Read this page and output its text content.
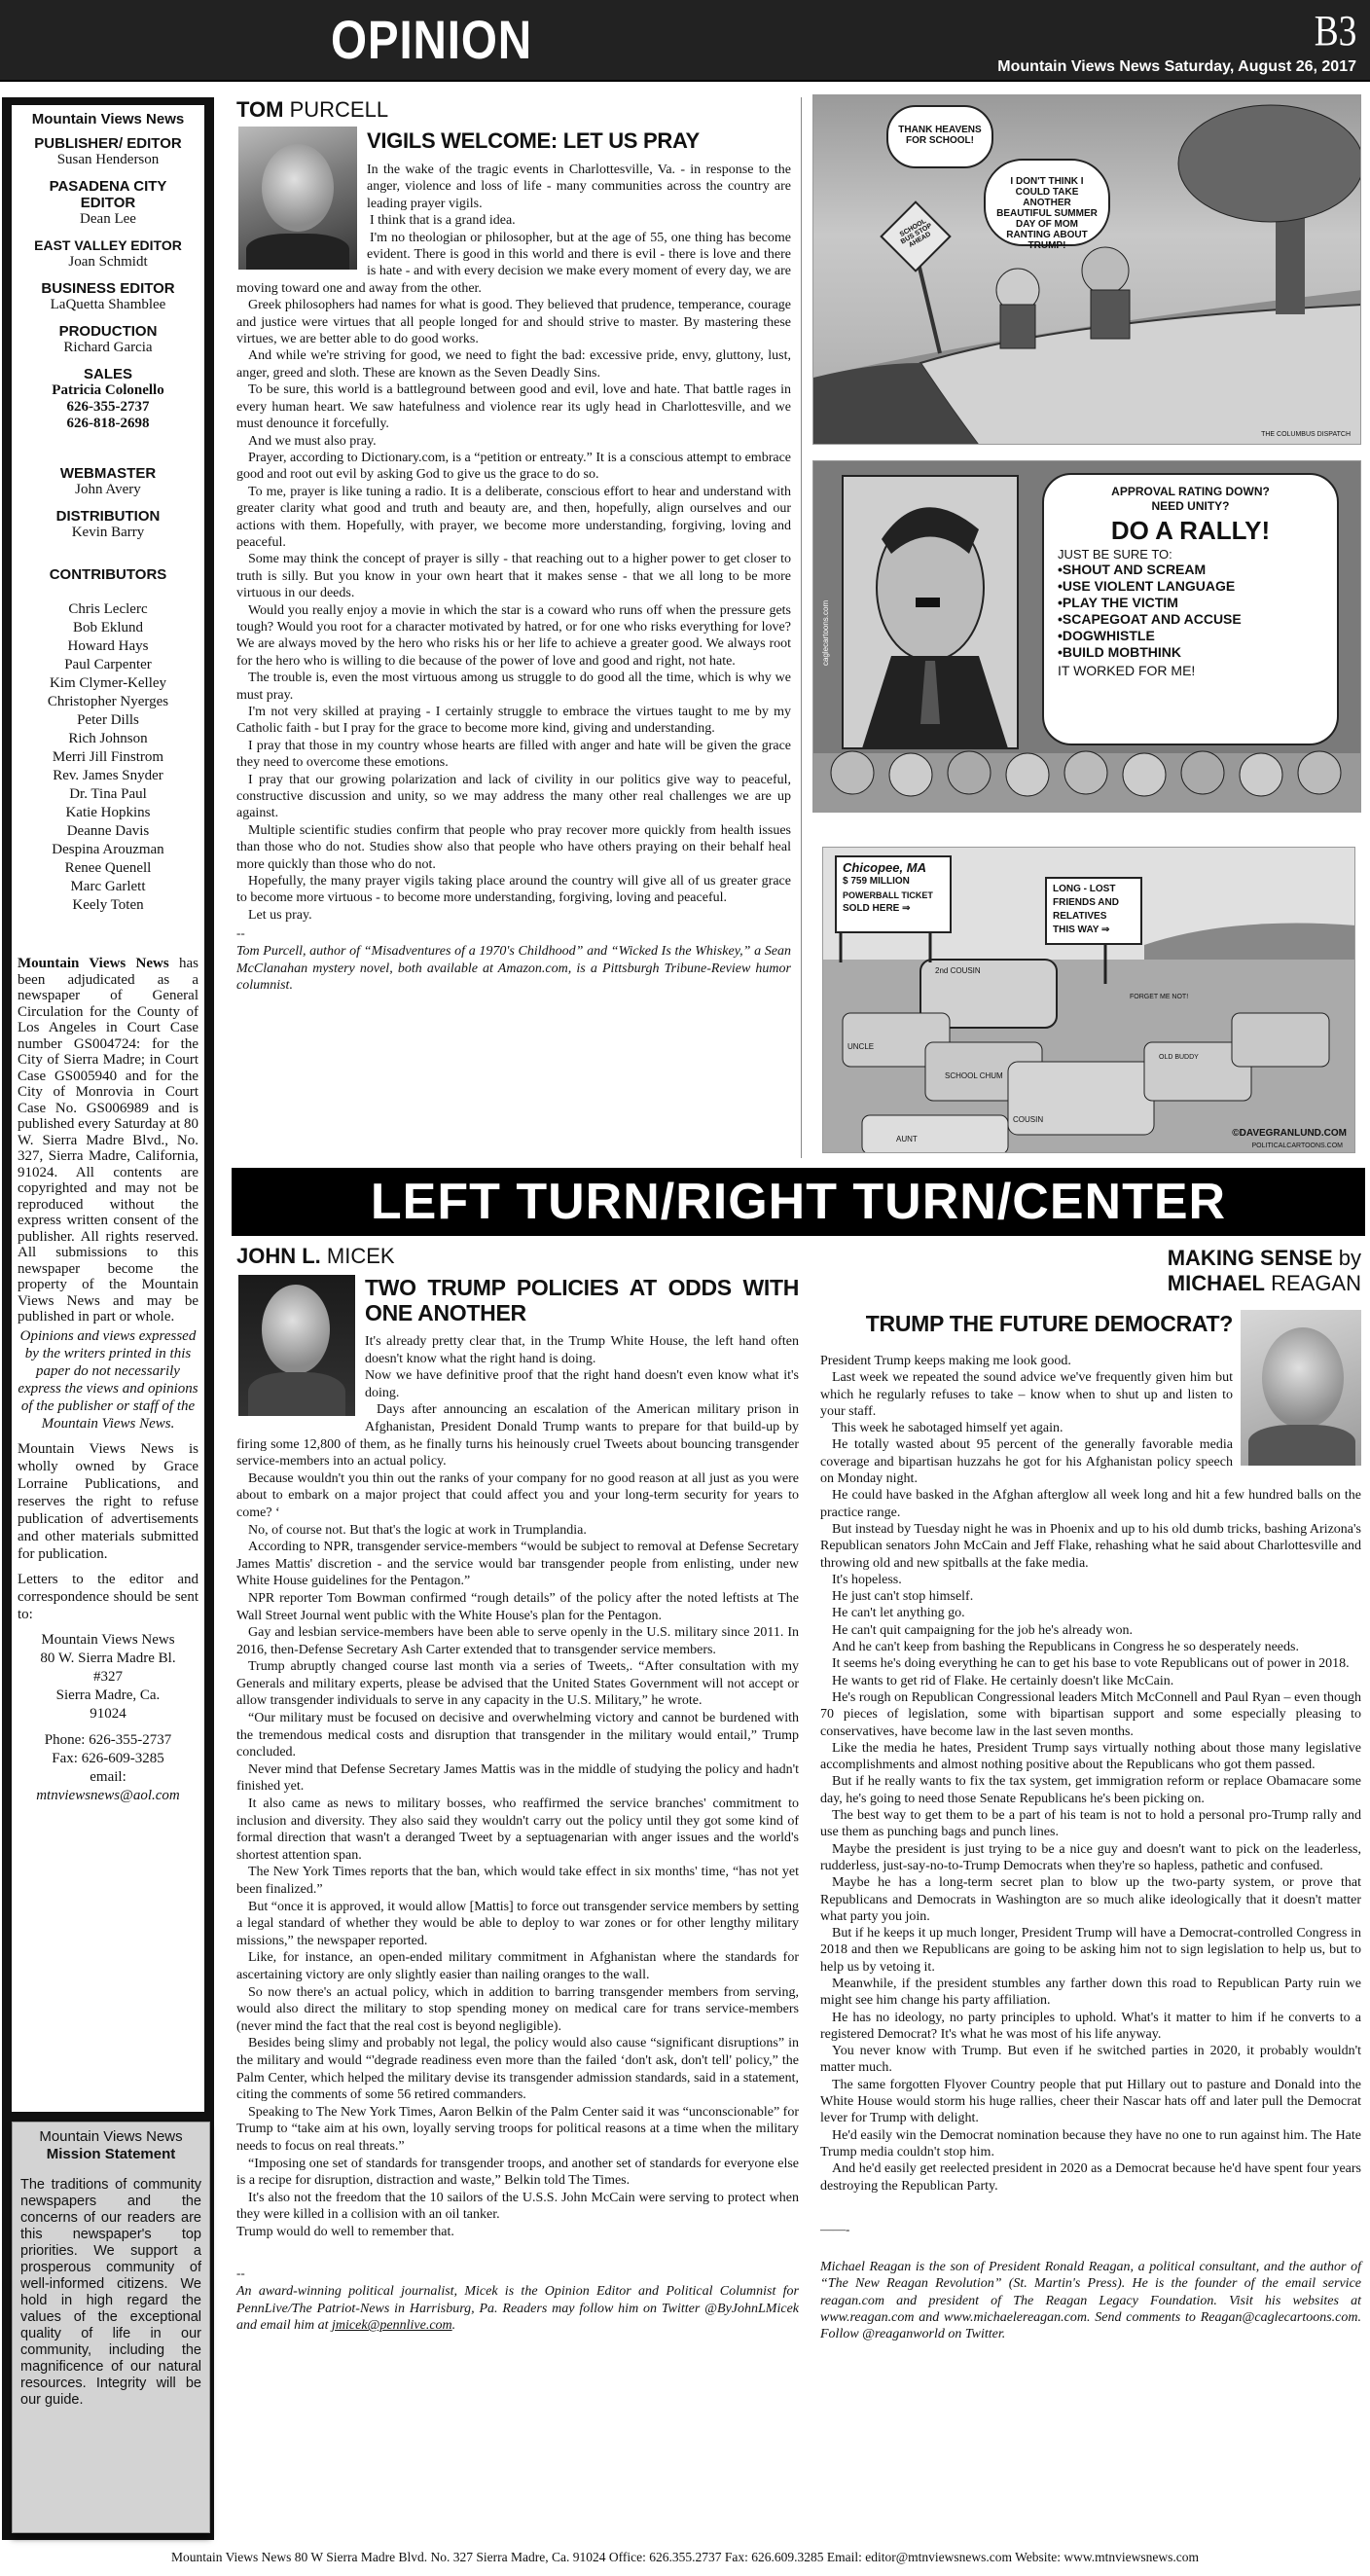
OPINION	B3
Mountain Views News Saturday, August 26, 2017
Mountain Views News
PUBLISHER/ EDITOR
Susan Henderson
PASADENA CITY EDITOR
Dean Lee
EAST VALLEY EDITOR
Joan Schmidt
BUSINESS EDITOR
LaQuetta Shamblee
PRODUCTION
Richard Garcia
SALES
Patricia Colonello
626-355-2737
626-818-2698
WEBMASTER
John Avery
DISTRIBUTION
Kevin Barry
CONTRIBUTORS
Chris Leclerc
Bob Eklund
Howard Hays
Paul Carpenter
Kim Clymer-Kelley
Christopher Nyerges
Peter Dills
Rich Johnson
Merri Jill Finstrom
Rev. James Snyder
Dr. Tina Paul
Katie Hopkins
Deanne Davis
Despina Arouzman
Renee Quenell
Marc Garlett
Keely Toten
Mountain Views News has been adjudicated as a newspaper of General Circulation for the County of Los Angeles in Court Case number GS004724: for the City of Sierra Madre; in Court Case GS005940 and for the City of Monrovia in Court Case No. GS006989 and is published every Saturday at 80 W. Sierra Madre Blvd., No. 327, Sierra Madre, California, 91024. All contents are copyrighted and may not be reproduced without the express written consent of the publisher. All rights reserved. All submissions to this newspaper become the property of the Mountain Views News and may be published in part or whole.
Opinions and views expressed by the writers printed in this paper do not necessarily express the views and opinions of the publisher or staff of the Mountain Views News.
Mountain Views News is wholly owned by Grace Lorraine Publications, and reserves the right to refuse publication of advertisements and other materials submitted for publication.
Letters to the editor and correspondence should be sent to:
Mountain Views News
80 W. Sierra Madre Bl.
#327
Sierra Madre, Ca.
91024
Phone: 626-355-2737
Fax: 626-609-3285
email:
mtnviewsnews@aol.com
Mountain Views News
Mission Statement
The traditions of community newspapers and the concerns of our readers are this newspaper's top priorities. We support a prosperous community of well-informed citizens. We hold in high regard the values of the exceptional quality of life in our community, including the magnificence of our natural resources. Integrity will be our guide.
TOM PURCELL
VIGILS WELCOME: LET US PRAY

In the wake of the tragic events in Charlottesville, Va. - in response to the anger, violence and loss of life - many communities across the country are leading prayer vigils.

I think that is a grand idea.

I'm no theologian or philosopher, but at the age of 55, one thing has become evident. There is good in this world and there is evil - there is love and there is hate - and with every decision we make every moment of every day, we are moving toward one and away from the other.

Greek philosophers had names for what is good. They believed that prudence, temperance, courage and justice were virtues that all people longed for and should strive to master. By mastering these virtues, we are better able to do good works.

And while we're striving for good, we need to fight the bad: excessive pride, envy, gluttony, lust, anger, greed and sloth. These are known as the Seven Deadly Sins.

To be sure, this world is a battleground between good and evil, love and hate. That battle rages in every human heart. We saw hatefulness and violence rear its ugly head in Charlottesville, and we must denounce it forcefully.

And we must also pray.

Prayer, according to Dictionary.com, is a “petition or entreaty.” It is a conscious attempt to embrace good and root out evil by asking God to give us the grace to do so.

To me, prayer is like tuning a radio. It is a deliberate, conscious effort to hear and understand with greater clarity what good and truth and beauty are, and then, hopefully, align ourselves and our actions with them. Hopefully, with prayer, we become more understanding, forgiving, loving and peaceful.

Some may think the concept of prayer is silly - that reaching out to a higher power to get closer to truth is silly. But you know in your own heart that it makes sense - that we all long to be more virtuous in our deeds.

Would you really enjoy a movie in which the star is a coward who runs off when the pressure gets tough? Would you root for a character motivated by hatred, or for one who risks everything for love? We are always moved by the hero who risks his or her life to achieve a greater good. We always root for the hero who is willing to die because of the power of love and good and right, not hate.

The trouble is, even the most virtuous among us struggle to do good all the time, which is why we must pray.

I'm not very skilled at praying - I certainly struggle to embrace the virtues taught to me by my Catholic faith - but I pray for the grace to become more kind, giving and understanding.

I pray that those in my country whose hearts are filled with anger and hate will be given the grace they need to overcome these emotions.

I pray that our growing polarization and lack of civility in our politics give way to peaceful, constructive discussion and unity, so we may address the many other real challenges we are up against.

Multiple scientific studies confirm that people who pray recover more quickly from health issues than those who do not. Studies show also that people who have others praying on their behalf heal more quickly than those who do not.

Hopefully, the many prayer vigils taking place around the country will give all of us greater grace to become more virtuous - to become more understanding, forgiving, loving and peaceful.

Let us pray.

--
Tom Purcell, author of “Misadventures of a 1970's Childhood” and “Wicked Is the Whiskey,” a Sean McClanahan mystery novel, both available at Amazon.com, is a Pittsburgh Tribune-Review humor columnist.
THANK HEAVENS FOR SCHOOL!
I DON'T THINK I COULD TAKE ANOTHER BEAUTIFUL SUMMER DAY OF MOM RANTING ABOUT TRUMP!
SCHOOL BUS STOP AHEAD
THE COLUMBUS DISPATCH
APPROVAL RATING DOWN?
NEED UNITY?
DO A RALLY!
JUST BE SURE TO:
•SHOUT AND SCREAM
•USE VIOLENT LANGUAGE
•PLAY THE VICTIM
•SCAPEGOAT AND ACCUSE
•DOGWHISTLE
•BUILD MOBTHINK
IT WORKED FOR ME!
caglecartoons.com
© WOLVERTON
Chicopee, MA
$ 759 MILLION
POWERBALL TICKET
SOLD HERE ⇒
LONG - LOST
FRIENDS AND
RELATIVES
THIS WAY ⇒
2nd COUSIN
UNCLE
SCHOOL CHUM
FORGET ME NOT!
OLD BUDDY
COUSIN
AUNT
©DAVEGRANLUND.COM
POLITICALCARTOONS.COM
LEFT TURN/RIGHT TURN/CENTER
JOHN L. MICEK
TWO TRUMP POLICIES AT ODDS WITH ONE ANOTHER

It's already pretty clear that, in the Trump White House, the left hand often doesn't know what the right hand is doing.

Now we have definitive proof that the right hand doesn't even know what it's doing.

Days after announcing an escalation of the American military prison in Afghanistan, President Donald Trump wants to prepare for that build-up by firing some 12,800 of them, as he finally turns his heinously cruel Tweets about bouncing transgender service-members into an actual policy.

Because wouldn't you thin out the ranks of your company for no good reason at all just as you were about to embark on a major project that could affect you and your long-term security for years to come? ‘

No, of course not. But that's the logic at work in Trumplandia.

According to NPR, transgender service-members “would be subject to removal at Defense Secretary James Mattis' discretion - and the service would bar transgender people from enlisting, under new White House guidelines for the Pentagon.”

NPR reporter Tom Bowman confirmed “rough details” of the policy after the noted leftists at The Wall Street Journal went public with the White House's plan for the Pentagon.

Gay and lesbian service-members have been able to serve openly in the U.S. military since 2011. In 2016, then-Defense Secretary Ash Carter extended that to transgender service members.

Trump abruptly changed course last month via a series of Tweets,. “After consultation with my Generals and military experts, please be advised that the United States Government will not accept or allow transgender individuals to serve in any capacity in the U.S. Military,” he wrote.

“Our military must be focused on decisive and overwhelming victory and cannot be burdened with the tremendous medical costs and disruption that transgender in the military would entail,” Trump concluded.

Never mind that Defense Secretary James Mattis was in the middle of studying the policy and hadn't finished yet.

It also came as news to military bosses, who reaffirmed the service branches' commitment to inclusion and diversity. They also said they wouldn't carry out the policy until they got some kind of formal direction that wasn't a deranged Tweet by a septuagenarian with anger issues and the world's shortest attention span.

The New York Times reports that the ban, which would take effect in six months' time, “has not yet been finalized.”

But “once it is approved, it would allow [Mattis] to force out transgender service members by setting a legal standard of whether they would be able to deploy to war zones or for other lengthy military missions,” the newspaper reported.

Like, for instance, an open-ended military commitment in Afghanistan where the standards for ascertaining victory are only slightly easier than nailing oranges to the wall.

So now there's an actual policy, which in addition to barring transgender members from serving, would also direct the military to stop spending money on medical care for trans service-members (never mind the fact that the real cost is beyond negligible).

Besides being slimy and probably not legal, the policy would also cause “significant disruptions” in the military and would “'degrade readiness even more than the failed ‘don't ask, don't tell' policy,” the Palm Center, which helped the military devise its transgender admission standards, said in a statement, citing the comments of some 56 retired commanders.

Speaking to The New York Times, Aaron Belkin of the Palm Center said it was “unconscionable” for Trump to “take aim at his own, loyally serving troops for political reasons at a time when the military needs to focus on real threats.”

“Imposing one set of standards for transgender troops, and another set of standards for everyone else is a recipe for disruption, distraction and waste,” Belkin told The Times.

It's also not the freedom that the 10 sailors of the U.S.S. John McCain were serving to protect when they were killed in a collision with an oil tanker.

Trump would do well to remember that.

--
An award-winning political journalist, Micek is the Opinion Editor and Political Columnist for PennLive/The Patriot-News in Harrisburg, Pa. Readers may follow him on Twitter @ByJohnLMicek and email him at jmicek@pennlive.com.
MAKING SENSE by
MICHAEL REAGAN
TRUMP THE FUTURE DEMOCRAT?

President Trump keeps making me look good.

Last week we repeated the sound advice we've frequently given him but which he regularly refuses to take – know when to shut up and listen to your staff.

This week he sabotaged himself yet again.

He totally wasted about 95 percent of the generally favorable media coverage and bipartisan huzzahs he got for his Afghanistan policy speech on Monday night.

He could have basked in the Afghan afterglow all week long and hit a few hundred balls on the practice range.

But instead by Tuesday night he was in Phoenix and up to his old dumb tricks, bashing Arizona's Republican senators John McCain and Jeff Flake, rehashing what he said about Charlottesville and throwing old and new spitballs at the fake media.

It's hopeless.

He just can't stop himself.

He can't let anything go.

He can't quit campaigning for the job he's already won.

And he can't keep from bashing the Republicans in Congress he so desperately needs.

It seems he's doing everything he can to get his base to vote Republicans out of power in 2018.

He wants to get rid of Flake. He certainly doesn't like McCain.

He's rough on Republican Congressional leaders Mitch McConnell and Paul Ryan – even though 70 pieces of legislation, some with bipartisan support and some especially pleasing to conservatives, have become law in the last seven months.

Like the media he hates, President Trump says virtually nothing about those many legislative accomplishments and almost nothing positive about the Republicans who got them passed.

But if he really wants to fix the tax system, get immigration reform or replace Obamacare some day, he's going to need those Senate Republicans he's been picking on.

The best way to get them to be a part of his team is not to hold a personal pro-Trump rally and use them as punching bags and punch lines.

Maybe the president is just trying to be a nice guy and doesn't want to pick on the leaderless, rudderless, just-say-no-to-Trump Democrats when they're so hapless, pathetic and confused.

Maybe he has a long-term secret plan to blow up the two-party system, or prove that Republicans and Democrats in Washington are so much alike ideologically that it doesn't matter what party you join.

But if he keeps it up much longer, President Trump will have a Democrat-controlled Congress in 2018 and then we Republicans are going to be asking him not to sign legislation to help us, but to help us by vetoing it.

Meanwhile, if the president stumbles any farther down this road to Republican Party ruin we might see him change his party affiliation.

He has no ideology, no party principles to uphold. What's it matter to him if he converts to a registered Democrat? It's what he was most of his life anyway.

You never know with Trump. But even if he switched parties in 2020, it probably wouldn't matter much.

The same forgotten Flyover Country people that put Hillary out to pasture and Donald into the White House would storm his huge rallies, cheer their Nascar hats off and later pull the Democrat lever for Trump with delight.

He'd easily win the Democrat nomination because they have no one to run against him. The Hate Trump media couldn't stop him.

And he'd easily get reelected president in 2020 as a Democrat because he'd have spent four years destroying the Republican Party.

——-
Michael Reagan is the son of President Ronald Reagan, a political consultant, and the author of “The New Reagan Revolution” (St. Martin's Press). He is the founder of the email service reagan.com and president of The Reagan Legacy Foundation. Visit his websites at www.reagan.com and www.michaelereagan.com. Send comments to Reagan@caglecartoons.com. Follow @reaganworld on Twitter.
Mountain Views News 80 W Sierra Madre Blvd. No. 327 Sierra Madre, Ca. 91024 Office: 626.355.2737 Fax: 626.609.3285 Email: editor@mtnviewsnews.com Website: www.mtnviewsnews.com
